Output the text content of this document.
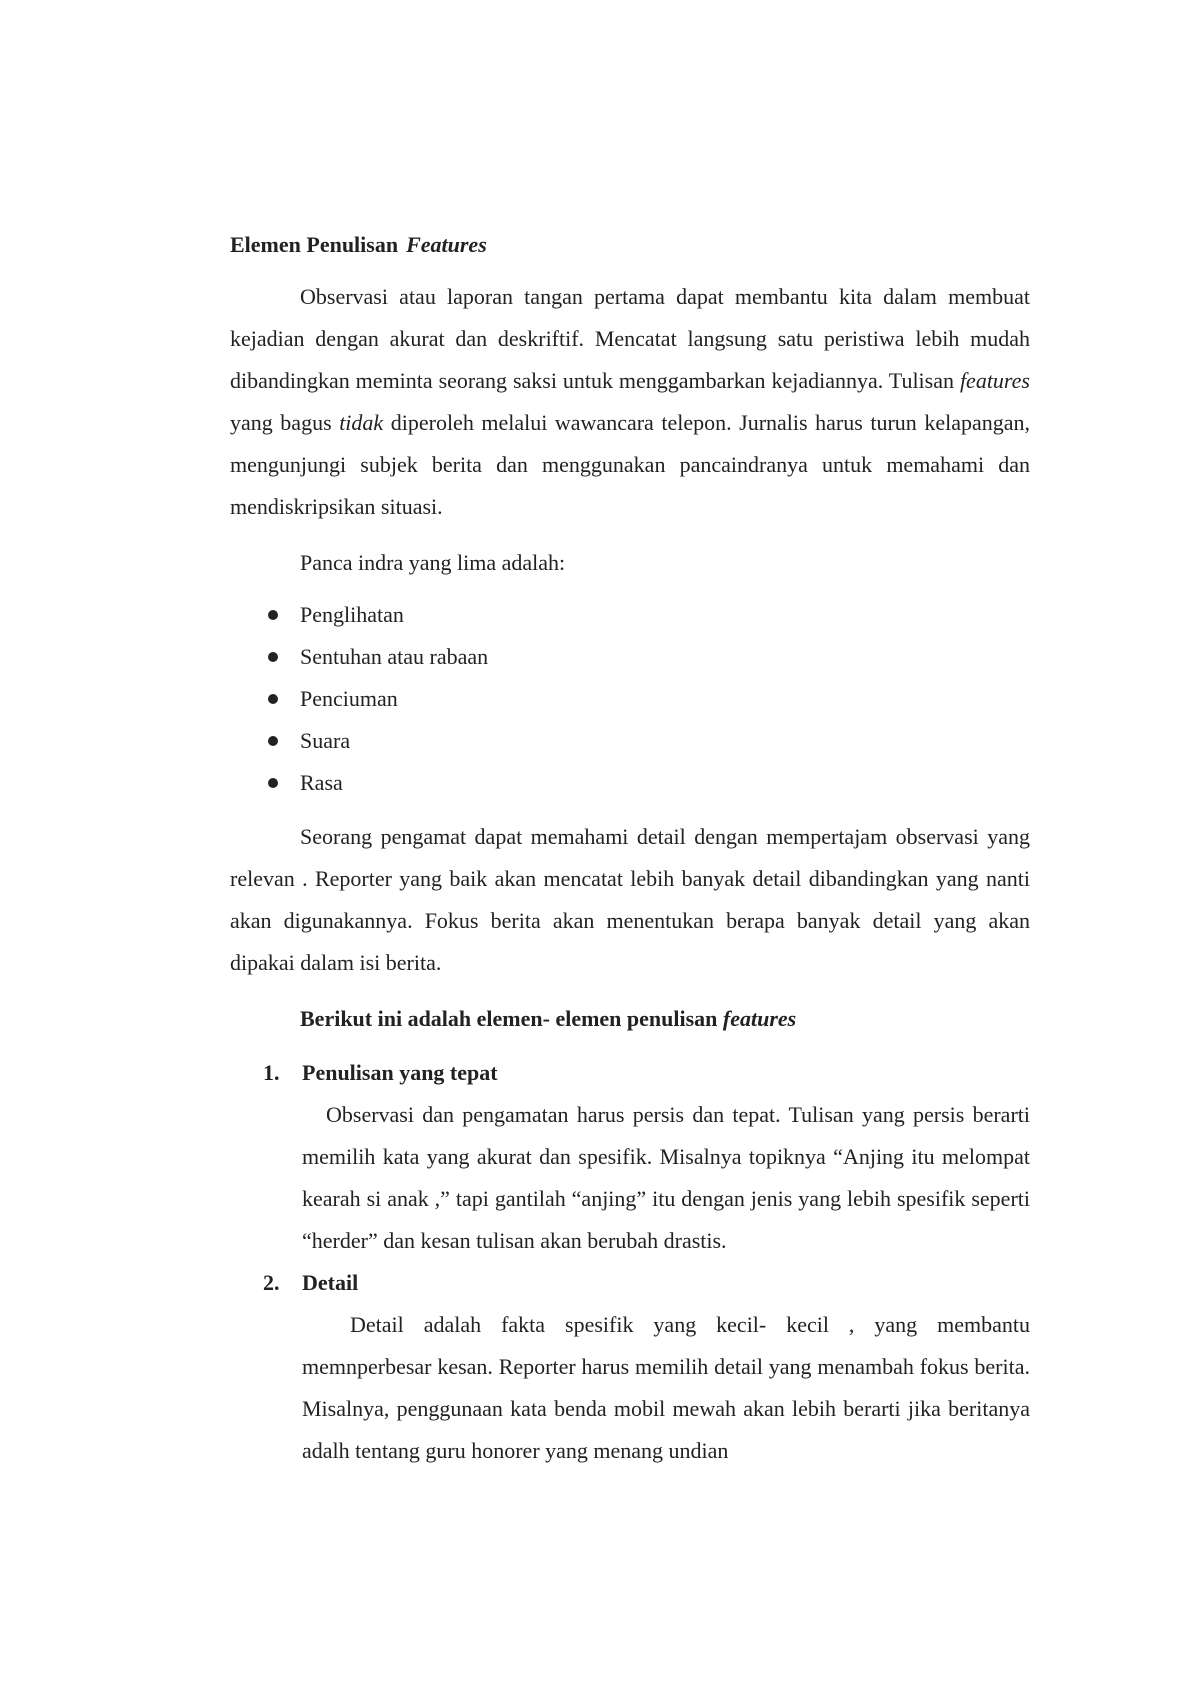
Elemen Penulisan Features

Observasi atau laporan tangan pertama dapat membantu kita dalam membuat kejadian dengan akurat dan deskriftif. Mencatat langsung satu peristiwa lebih mudah dibandingkan meminta seorang saksi untuk menggambarkan kejadiannya. Tulisan features yang bagus tidak diperoleh melalui wawancara telepon. Jurnalis harus turun kelapangan, mengunjungi subjek berita dan menggunakan pancaindranya untuk memahami dan mendiskripsikan situasi.

Panca indra yang lima adalah:

Penglihatan
Sentuhan atau rabaan
Penciuman
Suara
Rasa

Seorang pengamat dapat memahami detail dengan mempertajam observasi yang relevan . Reporter yang baik akan mencatat lebih banyak detail dibandingkan yang nanti akan digunakannya. Fokus berita akan menentukan berapa banyak detail yang akan dipakai dalam isi berita.

Berikut ini adalah elemen- elemen penulisan features
1. Penulisan yang tepat
Observasi dan pengamatan harus persis dan tepat. Tulisan yang persis berarti memilih kata yang akurat dan spesifik. Misalnya topiknya “Anjing itu melompat kearah si anak ,” tapi gantilah “anjing” itu dengan jenis yang lebih spesifik seperti “herder” dan kesan tulisan akan berubah drastis.
2. Detail
Detail adalah fakta spesifik yang kecil- kecil , yang membantu memnperbesar kesan. Reporter harus memilih detail yang menambah fokus berita. Misalnya, penggunaan kata benda mobil mewah akan lebih berarti jika beritanya adalh tentang guru honorer yang menang undian
